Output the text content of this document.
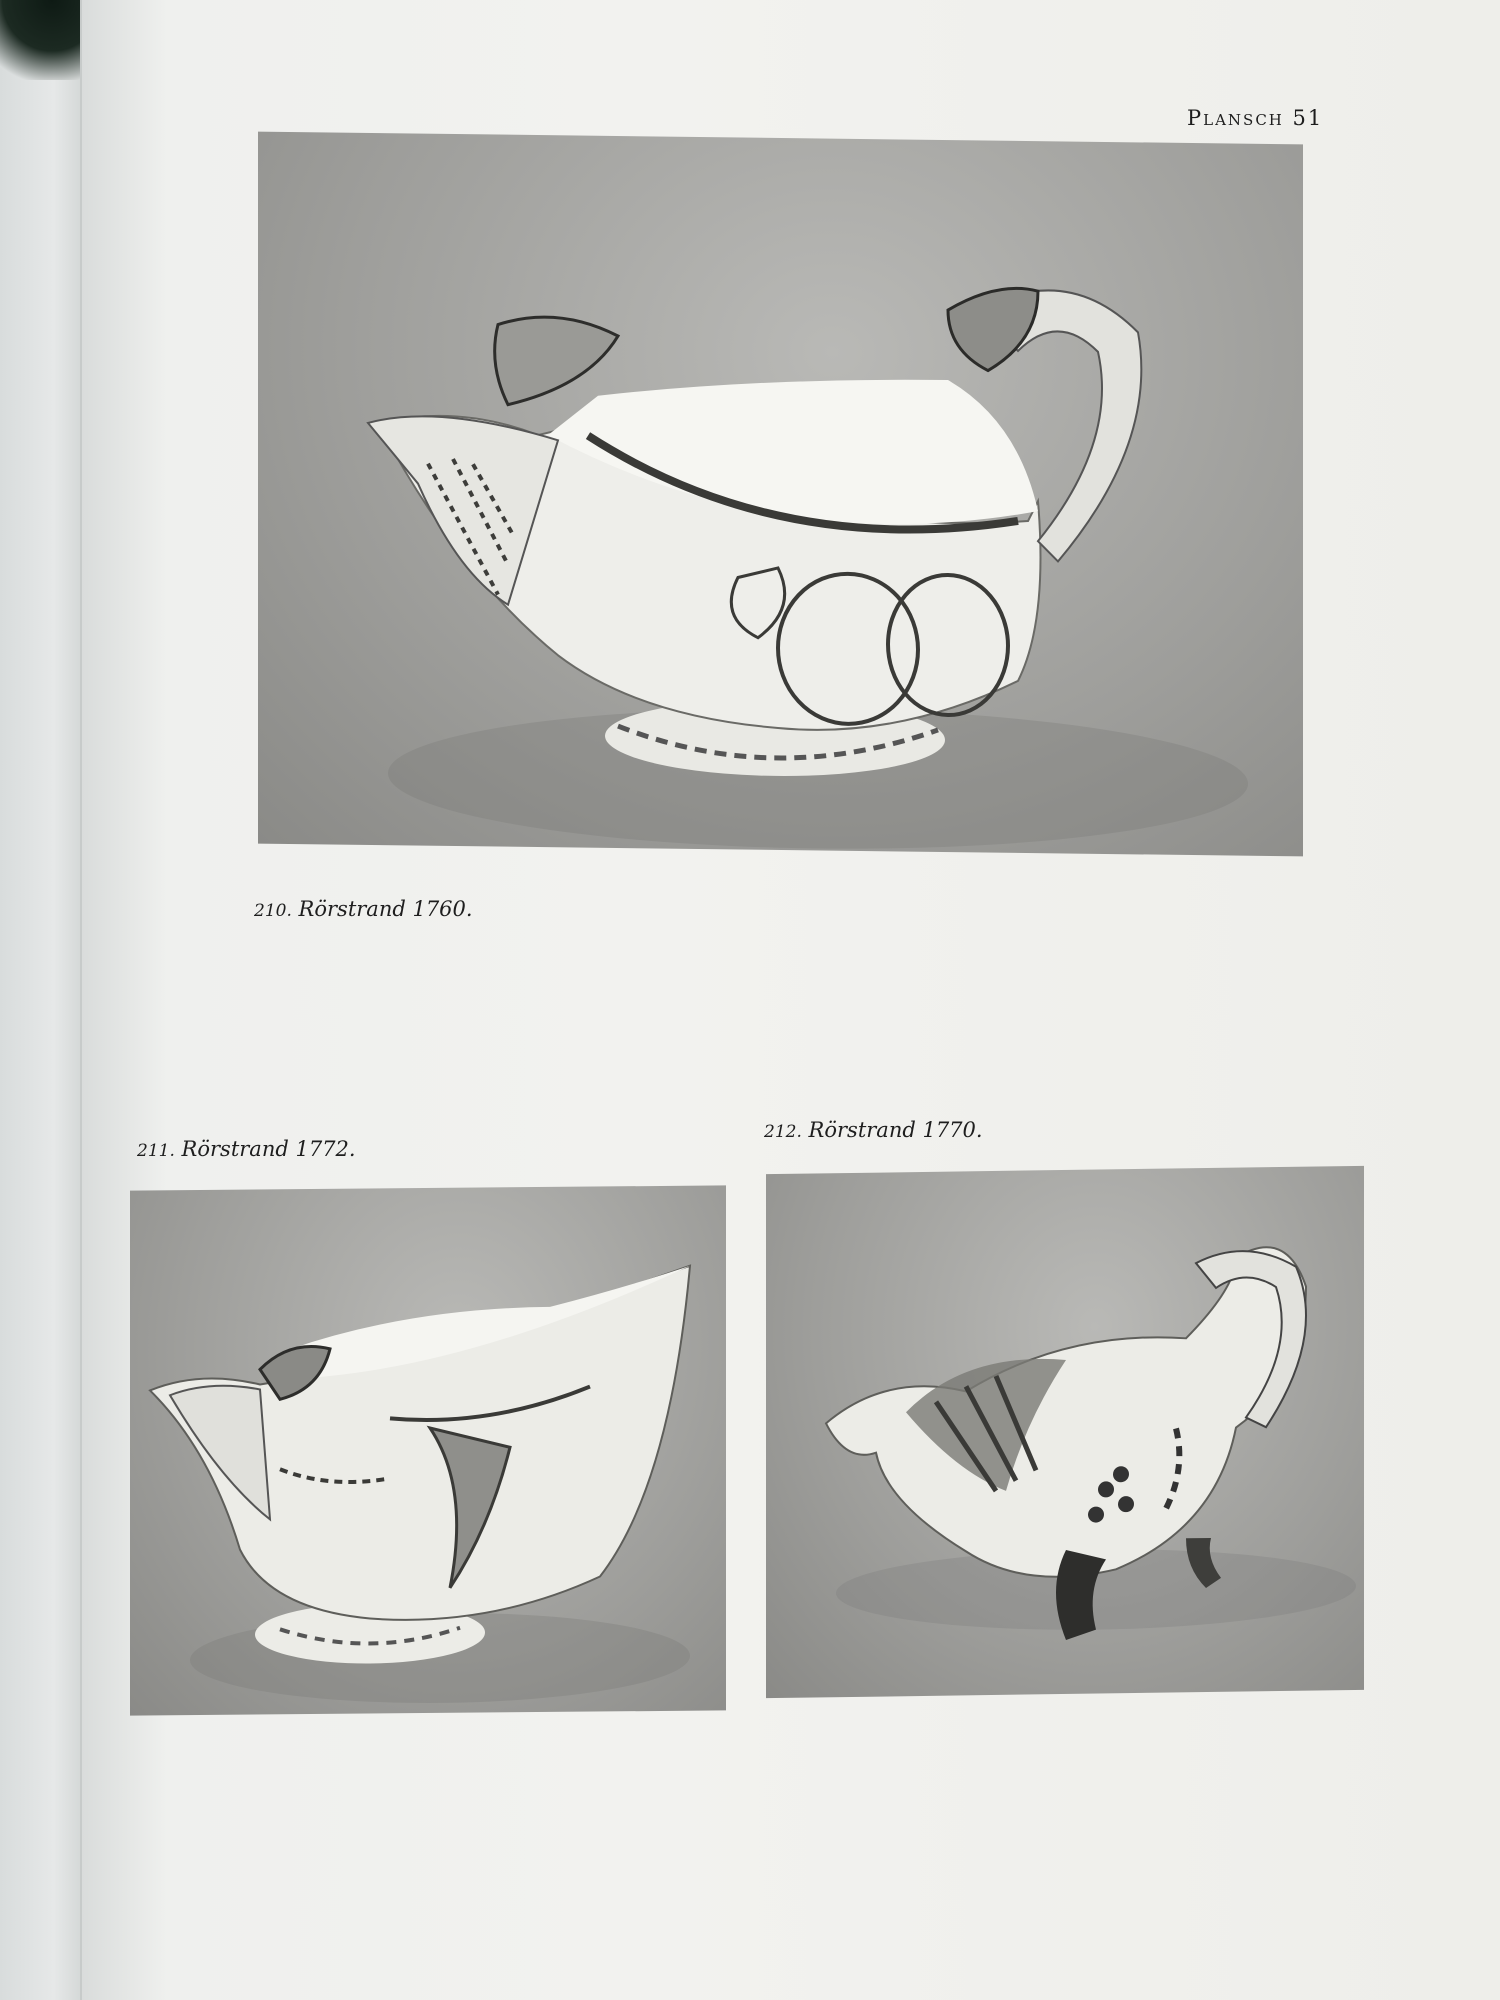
Plansch 51
210. Rörstrand 1760.
211. Rörstrand 1772.
212. Rörstrand 1770.
